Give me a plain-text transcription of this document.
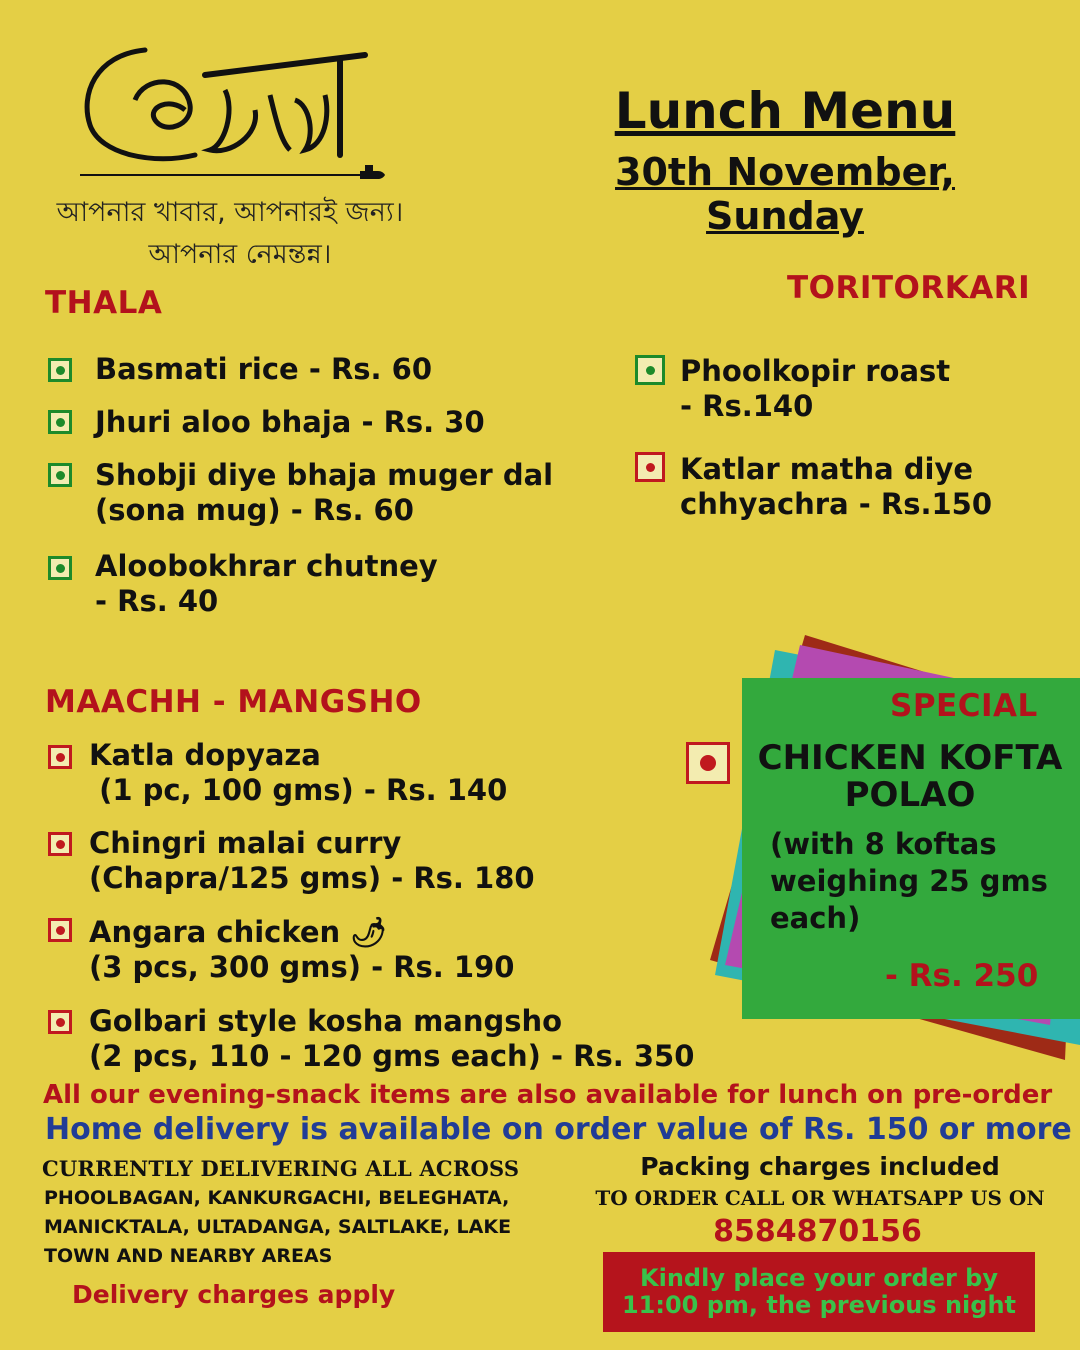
আপনার খাবার, আপনারই জন্য।
আপনার নেমন্তন্ন।
Lunch Menu
30th November, Sunday
THALA
Basmati rice - Rs. 60
Jhuri aloo bhaja - Rs. 30
Shobji diye bhaja muger dal
(sona mug) - Rs. 60
Aloobokhrar chutney
- Rs. 40
TORITORKARI
Phoolkopir roast
- Rs.140
Katlar matha diye
chhyachra - Rs.150
MAACHH - MANGSHO
Katla dopyaza
(1 pc, 100 gms) - Rs. 140
Chingri malai curry
(Chapra/125 gms) - Rs. 180
Angara chicken 🌶
(3 pcs, 300 gms) - Rs. 190
Golbari style kosha mangsho
(2 pcs, 110 - 120 gms each) - Rs. 350
SPECIAL
CHICKEN KOFTA
POLAO
(with 8 koftas
weighing 25 gms
each)
- Rs. 250
All our evening-snack items are also available for lunch on pre-order
Home delivery is available on order value of Rs. 150 or more
CURRENTLY DELIVERING ALL ACROSS
PHOOLBAGAN, KANKURGACHI, BELEGHATA,
MANICKTALA, ULTADANGA, SALTLAKE, LAKE
TOWN AND NEARBY AREAS
Delivery charges apply
Packing charges included
TO ORDER CALL OR WHATSAPP US ON
8584870156
Kindly place your order by
11:00 pm, the previous night
